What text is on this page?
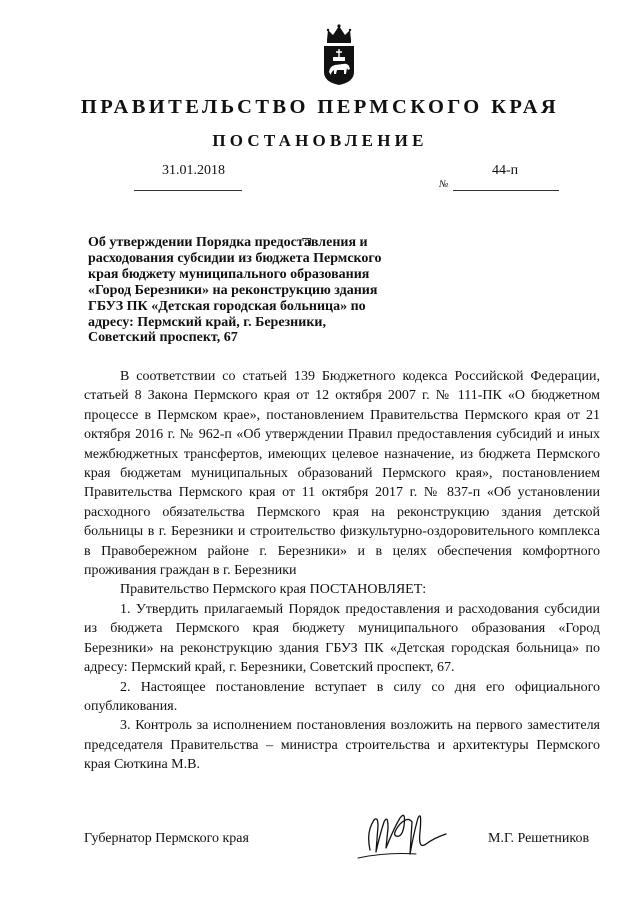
ПРАВИТЕЛЬСТВО ПЕРМСКОГО КРАЯ
ПОСТАНОВЛЕНИЕ
31.01.2018	44-п
№
Об утверждении Порядка предоставления и расходования субсидии из бюджета Пермского края бюджету муниципального образования «Город Березники» на реконструкцию здания ГБУЗ ПК «Детская городская больница» по адресу: Пермский край, г. Березники, Советский проспект, 67

В соответствии со статьей 139 Бюджетного кодекса Российской Федерации, статьей 8 Закона Пермского края от 12 октября 2007 г. № 111-ПК «О бюджетном процессе в Пермском крае», постановлением Правительства Пермского края от 21 октября 2016 г. № 962-п «Об утверждении Правил предоставления субсидий и иных межбюджетных трансфертов, имеющих целевое назначение, из бюджета Пермского края бюджетам муниципальных образований Пермского края», постановлением Правительства Пермского края от 11 октября 2017 г. № 837-п «Об установлении расходного обязательства Пермского края на реконструкцию здания детской больницы в г. Березники и строительство физкультурно-оздоровительного комплекса в Правобережном районе г. Березники» и в целях обеспечения комфортного проживания граждан в г. Березники

Правительство Пермского края ПОСТАНОВЛЯЕТ:

1. Утвердить прилагаемый Порядок предоставления и расходования субсидии из бюджета Пермского края бюджету муниципального образования «Город Березники» на реконструкцию здания ГБУЗ ПК «Детская городская больница» по адресу: Пермский край, г. Березники, Советский проспект, 67.

2. Настоящее постановление вступает в силу со дня его официального опубликования.

3. Контроль за исполнением постановления возложить на первого заместителя председателя Правительства – министра строительства и архитектуры Пермского края Сюткина М.В.

Губернатор Пермского края	М.Г. Решетников
